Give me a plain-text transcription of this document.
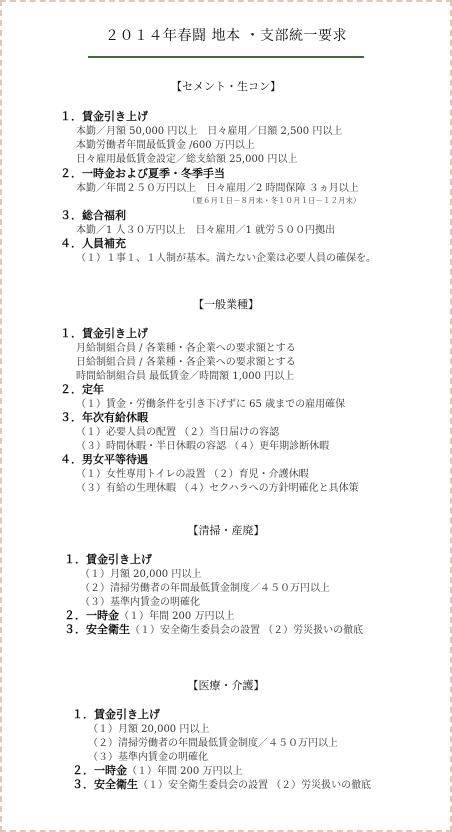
２０１４年春闘 地本 ・支部統一要求
【セメント・生コン】
１．賃金引き上げ
本勤／月額 50,000 円以上　日々雇用／日額 2,500 円以上
本勤労働者年間最低賃金 /600 万円以上
日々雇用最低賃金設定／総支給額 25,000 円以上
２．一時金および夏季・冬季手当
本勤／年間２５０万円以上　日々雇用／2 時間保障 ３ヵ月以上
（夏６月１日－８月末・冬１０月１日－１２月末）
３．総合福利
本勤／1 人３０万円以上　日々雇用／1 就労５００円拠出
４．人員補充
（１）１事１、１人制が基本。満たない企業は必要人員の確保を。
【一般業種】
１．賃金引き上げ
月給制組合員 / 各業種・各企業への要求額とする
日給制組合員 / 各業種・各企業への要求額とする
時間給制組合員 最低賃金／時間額 1,000 円以上
２．定年
（１）賃金・労働条件を引き下げずに 65 歳までの雇用確保
３．年次有給休暇
（１）必要人員の配置 （２）当日届けの容認
（３）時間休暇・半日休暇の容認 （４）更年期診断休暇
４．男女平等待遇
（１）女性専用トイレの設置 （２）育児・介護休暇
（３）有給の生理休暇 （４）セクハラへの方針明確化と具体策
【清掃・産廃】
１．賃金引き上げ
（１）月額 20,000 円以上
（２）清掃労働者の年間最低賃金制度／４５０万円以上
（３）基準内賃金の明確化
２．一時金（１）年間 200 万円以上
３．安全衛生（１）安全衛生委員会の設置 （２）労災扱いの徹底
【医療・介護】
１．賃金引き上げ
（１）月額 20,000 円以上
（２）清掃労働者の年間最低賃金制度／４５０万円以上
（３）基準内賃金の明確化
２．一時金（１）年間 200 万円以上
３．安全衛生（１）安全衛生委員会の設置 （２）労災扱いの徹底
